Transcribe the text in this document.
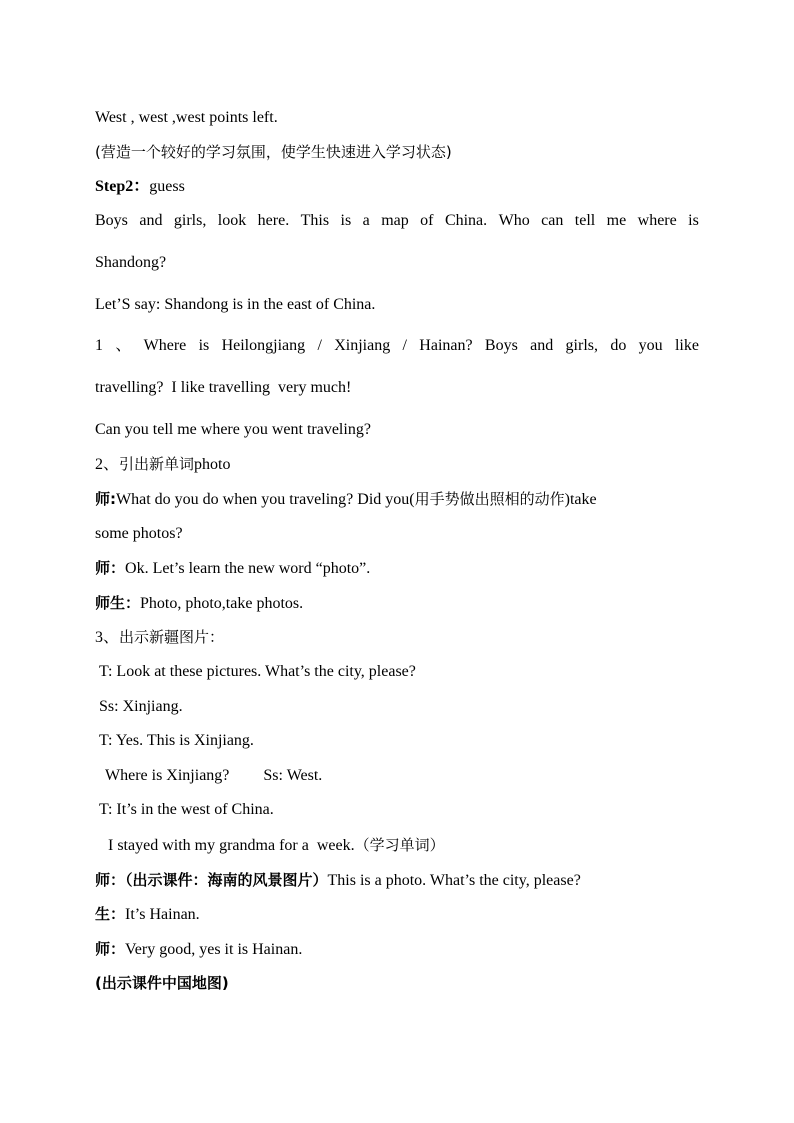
West , west ,west points left.
(营造一个较好的学习氛围，使学生快速进入学习状态)
Step2：guess
Boys and girls, look here. This is a map of China. Who can tell me where is
Shandong?
Let’S say: Shandong is in the east of China.
1 、 Where is Heilongjiang / Xinjiang / Hainan? Boys and girls, do you like
travelling?  I like travelling  very much!
Can you tell me where you went traveling?
2、引出新单词photo
师:What do you do when you traveling? Did you(用手势做出照相的动作)take
some photos?
师：Ok. Let’s learn the new word “photo”.
师生：Photo, photo,take photos.
3、出示新疆图片：
T: Look at these pictures. What’s the city, please?
Ss: Xinjiang.
T: Yes. This is Xinjiang.
Where is Xinjiang? Ss: West.
T: It’s in the west of China.
I stayed with my grandma for a  week.（学习单词）
师：（出示课件：海南的风景图片）This is a photo. What’s the city, please?
生：It’s Hainan.
师：Very good, yes it is Hainan.
(出示课件中国地图)
